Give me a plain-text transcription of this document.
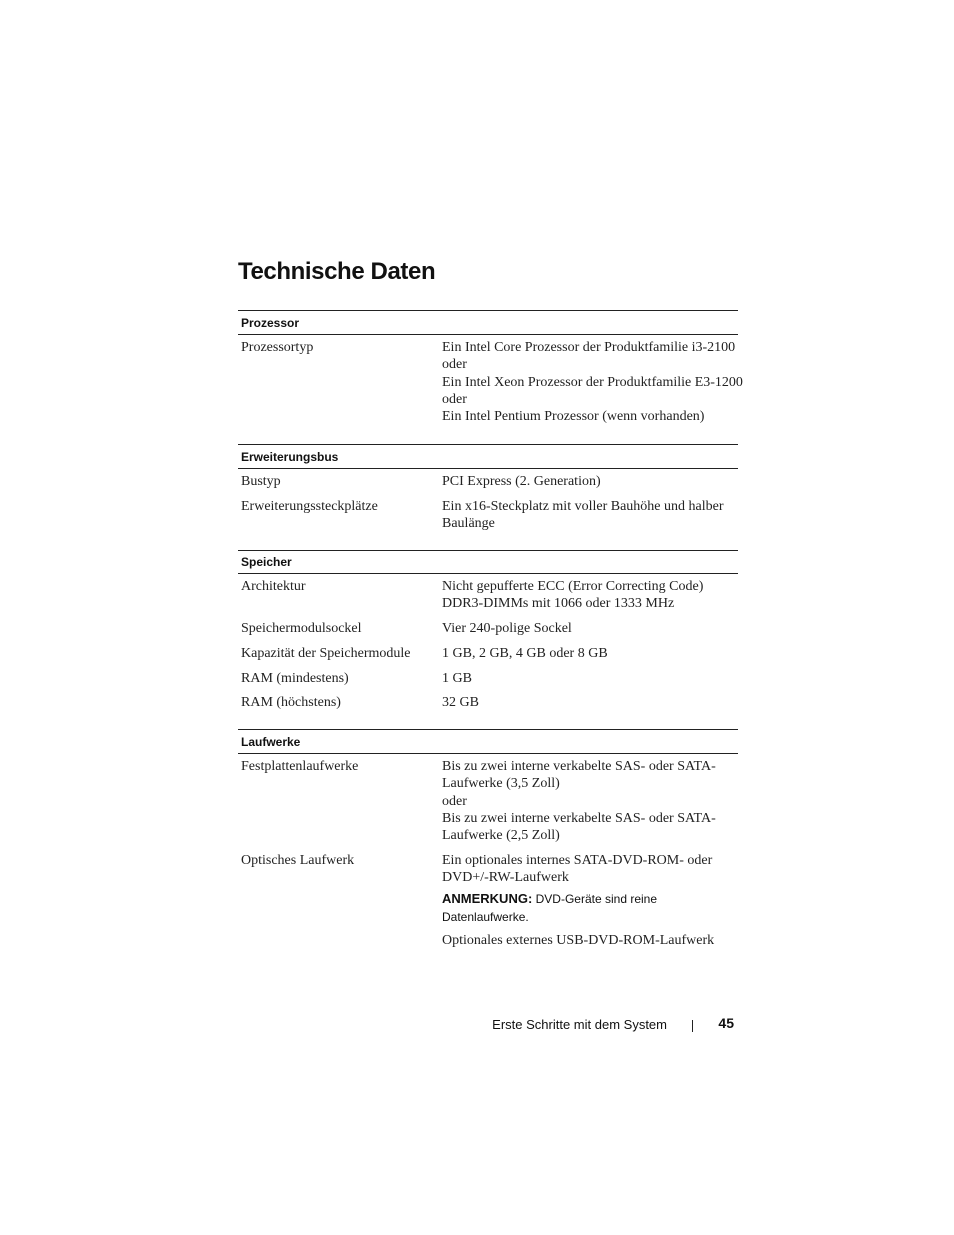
Technische Daten
Prozessor
Prozessortyp	Ein Intel Core Prozessor der Produktfamilie i3-2100
oder
Ein Intel Xeon Prozessor der Produktfamilie E3-1200
oder
Ein Intel Pentium Prozessor (wenn vorhanden)
Erweiterungsbus
Bustyp	PCI Express (2. Generation)
Erweiterungssteckplätze	Ein x16-Steckplatz mit voller Bauhöhe und halber
Baulänge
Speicher
Architektur	Nicht gepufferte ECC (Error Correcting Code)
DDR3-DIMMs mit 1066 oder 1333 MHz
Speichermodulsockel	Vier 240-polige Sockel
Kapazität der Speichermodule	1 GB, 2 GB, 4 GB oder 8 GB
RAM (mindestens)	1 GB
RAM (höchstens)	32 GB
Laufwerke
Festplattenlaufwerke	Bis zu zwei interne verkabelte SAS- oder SATA-
Laufwerke (3,5 Zoll)
oder
Bis zu zwei interne verkabelte SAS- oder SATA-
Laufwerke (2,5 Zoll)
Optisches Laufwerk	Ein optionales internes SATA-DVD-ROM- oder
DVD+/-RW-Laufwerk
ANMERKUNG: DVD-Geräte sind reine
Datenlaufwerke.
Optionales externes USB-DVD-ROM-Laufwerk
Erste Schritte mit dem System	45
